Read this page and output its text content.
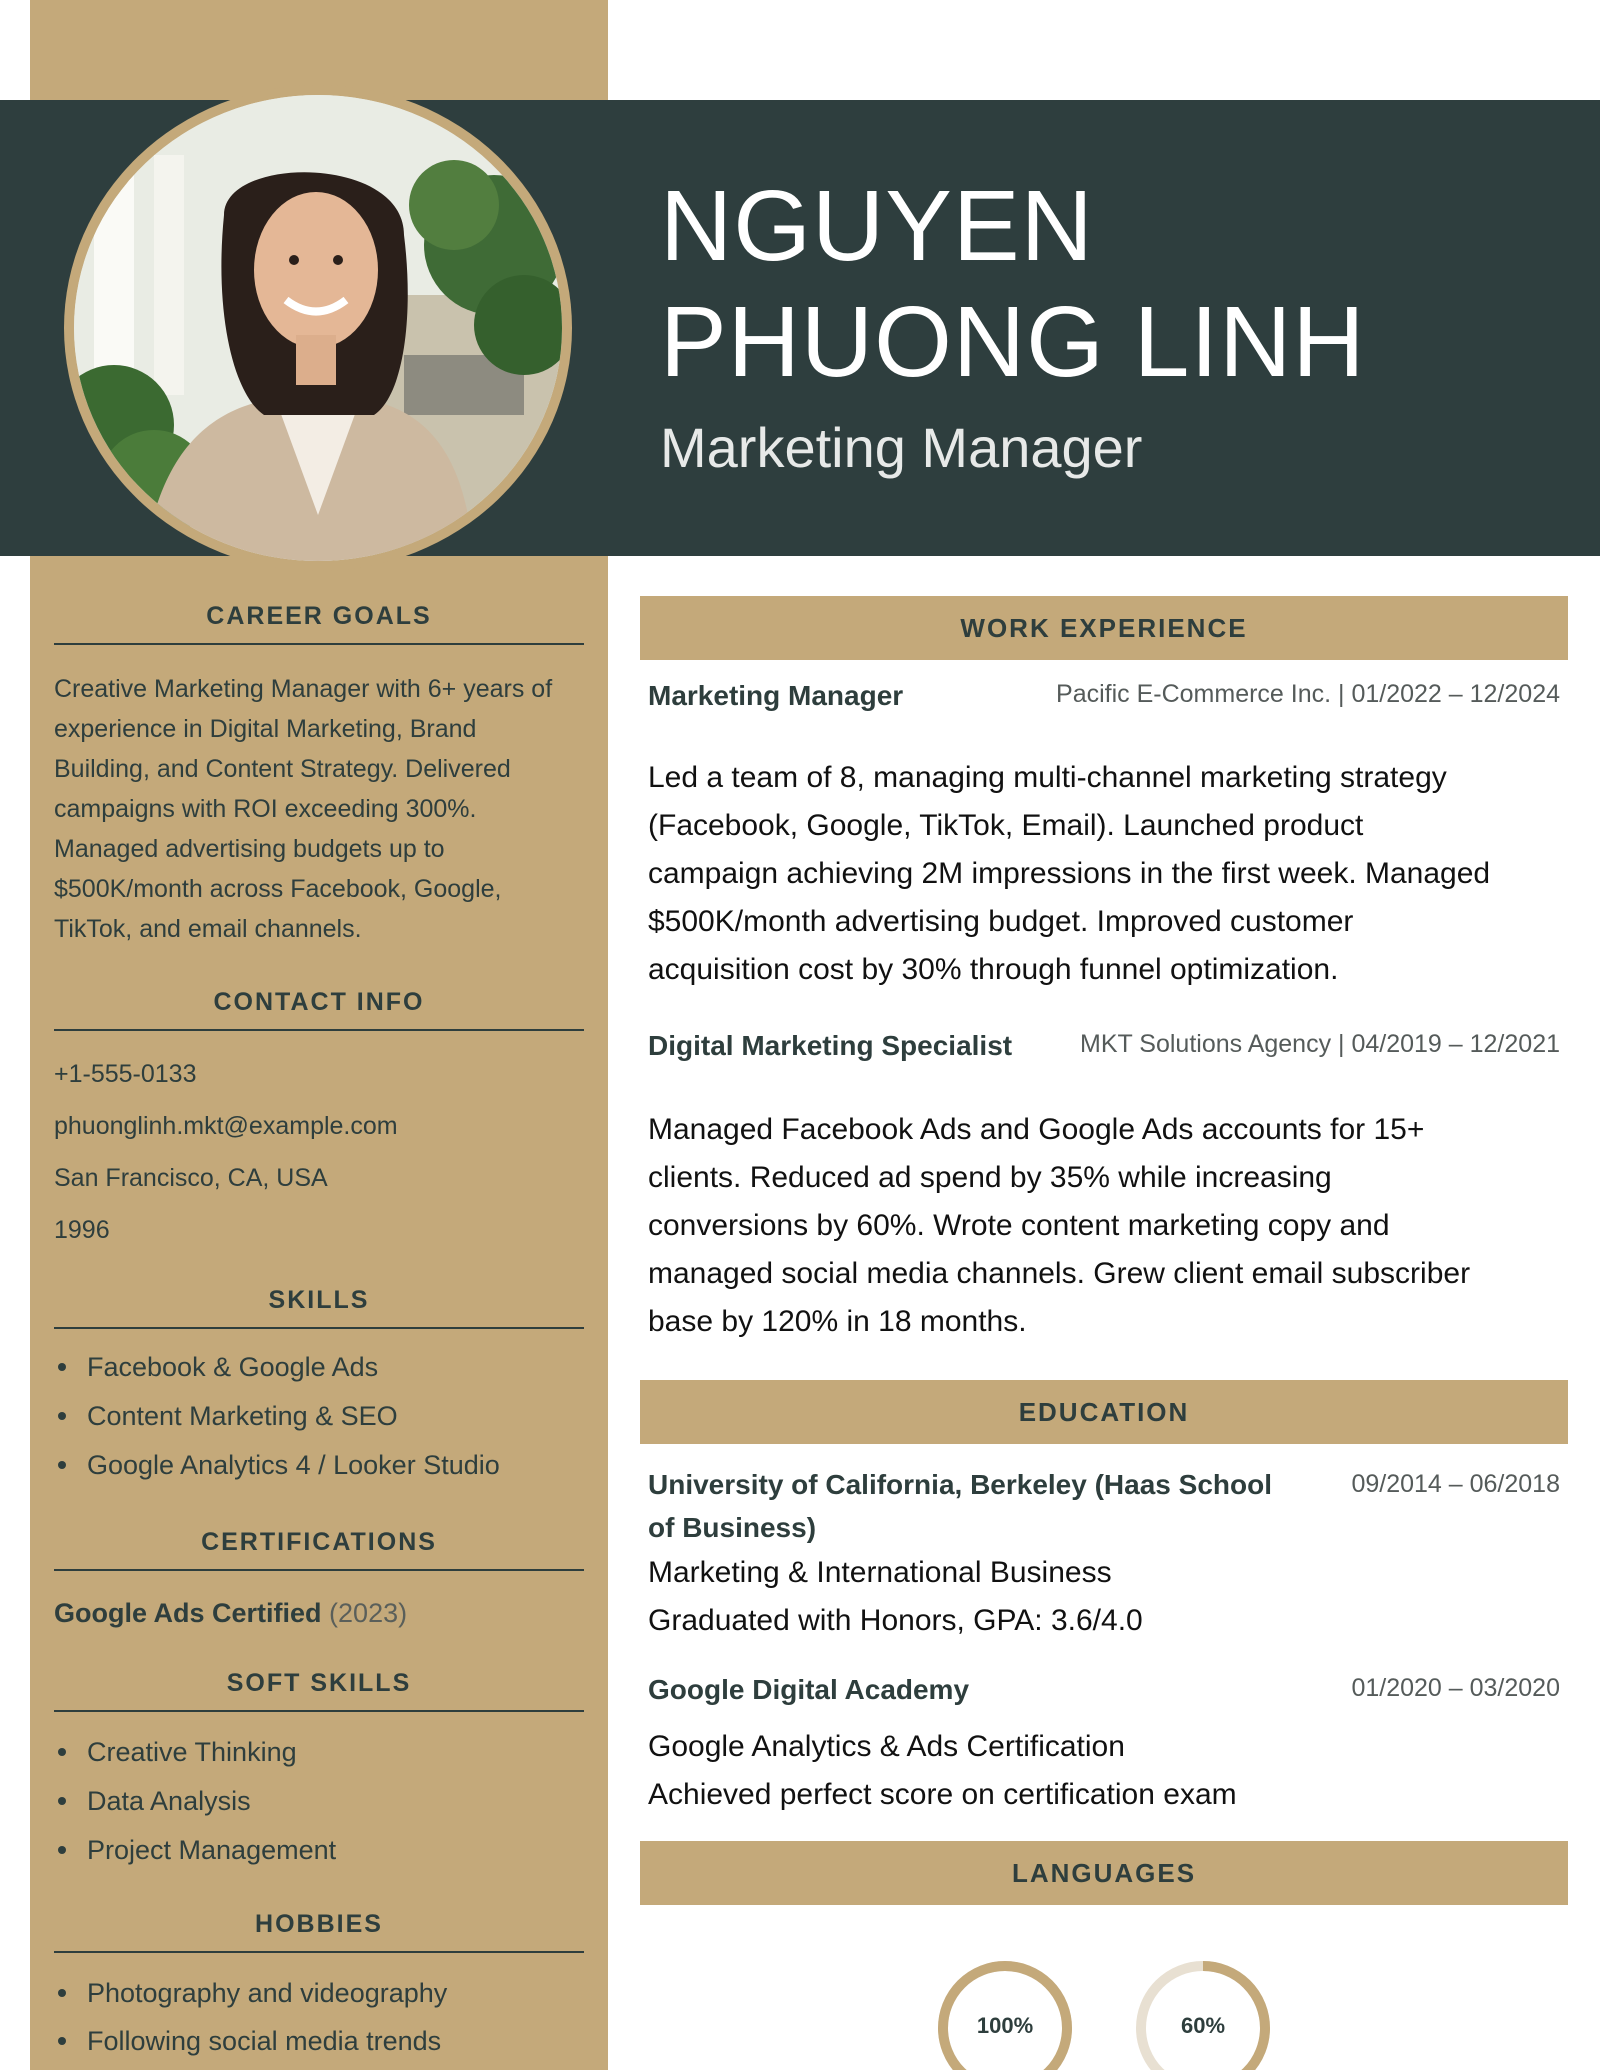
NGUYEN
PHUONG LINH
Marketing Manager
CAREER GOALS
Creative Marketing Manager with 6+ years of
experience in Digital Marketing, Brand
Building, and Content Strategy. Delivered
campaigns with ROI exceeding 300%.
Managed advertising budgets up to
$500K/month across Facebook, Google,
TikTok, and email channels.
CONTACT INFO
+1-555-0133
phuonglinh.mkt@example.com
San Francisco, CA, USA
1996
SKILLS
Facebook & Google Ads
Content Marketing & SEO
Google Analytics 4 / Looker Studio
CERTIFICATIONS
Google Ads Certified (2023)
SOFT SKILLS
Creative Thinking
Data Analysis
Project Management
HOBBIES
Photography and videography
Following social media trends
WORK EXPERIENCE
Marketing Manager	Pacific E-Commerce Inc. | 01/2022 – 12/2024
Led a team of 8, managing multi-channel marketing strategy
(Facebook, Google, TikTok, Email). Launched product
campaign achieving 2M impressions in the first week. Managed
$500K/month advertising budget. Improved customer
acquisition cost by 30% through funnel optimization.
Digital Marketing Specialist	MKT Solutions Agency | 04/2019 – 12/2021
Managed Facebook Ads and Google Ads accounts for 15+
clients. Reduced ad spend by 35% while increasing
conversions by 60%. Wrote content marketing copy and
managed social media channels. Grew client email subscriber
base by 120% in 18 months.
EDUCATION
University of California, Berkeley (Haas School
of Business)
09/2014 – 06/2018
Marketing & International Business
Graduated with Honors, GPA: 3.6/4.0
Google Digital Academy	01/2020 – 03/2020
Google Analytics & Ads Certification
Achieved perfect score on certification exam
LANGUAGES
100%	60%
